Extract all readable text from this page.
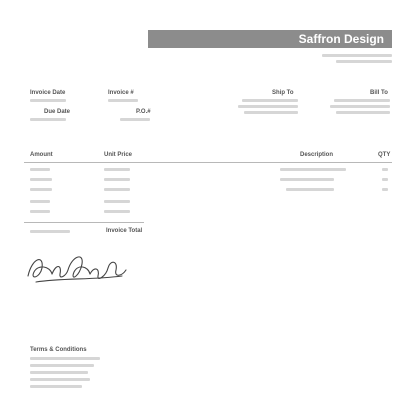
Saffron Design
Bill To
Ship To
Invoice #
P.O.#
Invoice Date
Due Date
QTY
Description
Unit Price
Amount
Invoice Total
Terms & Conditions
